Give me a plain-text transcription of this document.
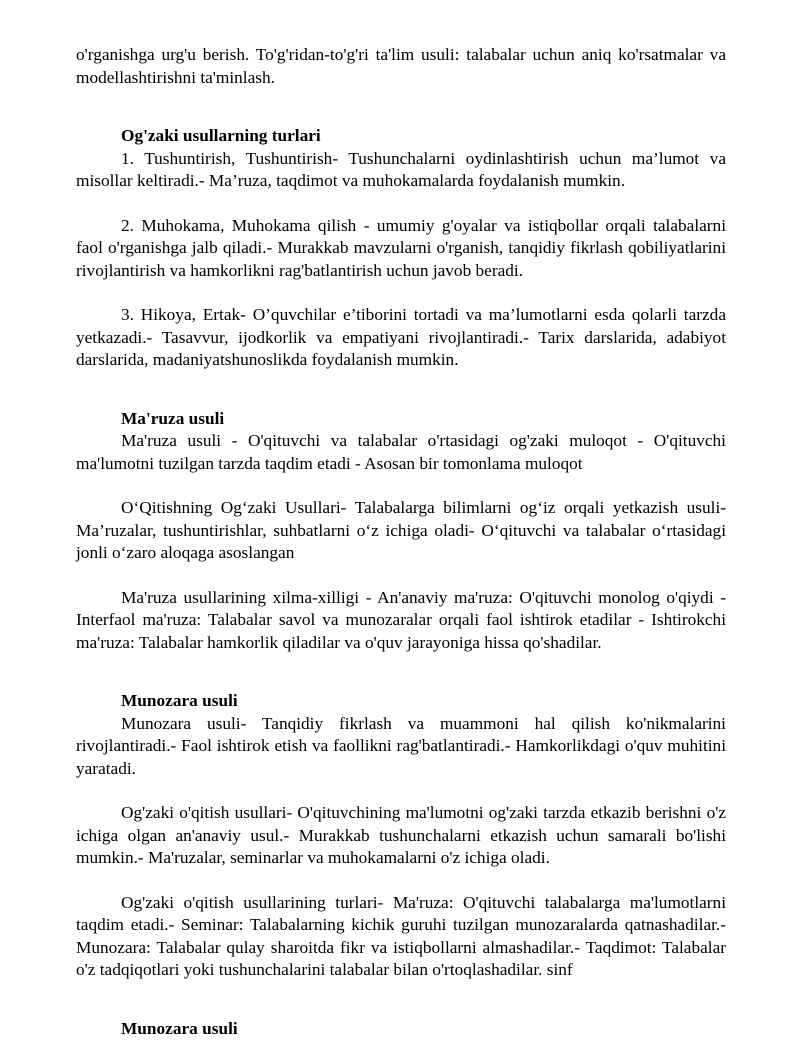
o'rganishga urg'u berish. To'g'ridan-to'g'ri ta'lim usuli: talabalar uchun aniq ko'rsatmalar va modellashtirishni ta'minlash.

Og'zaki usullarning turlari

1. Tushuntirish, Tushuntirish- Tushunchalarni oydinlashtirish uchun ma’lumot va misollar keltiradi.- Ma’ruza, taqdimot va muhokamalarda foydalanish mumkin.

2. Muhokama, Muhokama qilish - umumiy g'oyalar va istiqbollar orqali talabalarni faol o'rganishga jalb qiladi.- Murakkab mavzularni o'rganish, tanqidiy fikrlash qobiliyatlarini rivojlantirish va hamkorlikni rag'batlantirish uchun javob beradi.

3. Hikoya, Ertak- O’quvchilar e’tiborini tortadi va ma’lumotlarni esda qolarli tarzda yetkazadi.- Tasavvur, ijodkorlik va empatiyani rivojlantiradi.- Tarix darslarida, adabiyot darslarida, madaniyatshunoslikda foydalanish mumkin.

Ma'ruza usuli

Ma'ruza usuli - O'qituvchi va talabalar o'rtasidagi og'zaki muloqot - O'qituvchi ma'lumotni tuzilgan tarzda taqdim etadi - Asosan bir tomonlama muloqot

O‘Qitishning Og‘zaki Usullari- Talabalarga bilimlarni og‘iz orqali yetkazish usuli- Ma’ruzalar, tushuntirishlar, suhbatlarni o‘z ichiga oladi- O‘qituvchi va talabalar o‘rtasidagi jonli o‘zaro aloqaga asoslangan

Ma'ruza usullarining xilma-xilligi - An'anaviy ma'ruza: O'qituvchi monolog o'qiydi - Interfaol ma'ruza: Talabalar savol va munozaralar orqali faol ishtirok etadilar - Ishtirokchi ma'ruza: Talabalar hamkorlik qiladilar va o'quv jarayoniga hissa qo'shadilar.

Munozara usuli

Munozara usuli- Tanqidiy fikrlash va muammoni hal qilish ko'nikmalarini rivojlantiradi.- Faol ishtirok etish va faollikni rag'batlantiradi.- Hamkorlikdagi o'quv muhitini yaratadi.

Og'zaki o'qitish usullari- O'qituvchining ma'lumotni og'zaki tarzda etkazib berishni o'z ichiga olgan an'anaviy usul.- Murakkab tushunchalarni etkazish uchun samarali bo'lishi mumkin.- Ma'ruzalar, seminarlar va muhokamalarni o'z ichiga oladi.

Og'zaki o'qitish usullarining turlari- Ma'ruza: O'qituvchi talabalarga ma'lumotlarni taqdim etadi.- Seminar: Talabalarning kichik guruhi tuzilgan munozaralarda qatnashadilar.- Munozara: Talabalar qulay sharoitda fikr va istiqbollarni almashadilar.- Taqdimot: Talabalar o'z tadqiqotlari yoki tushunchalarini talabalar bilan o'rtoqlashadilar. sinf

Munozara usuli
